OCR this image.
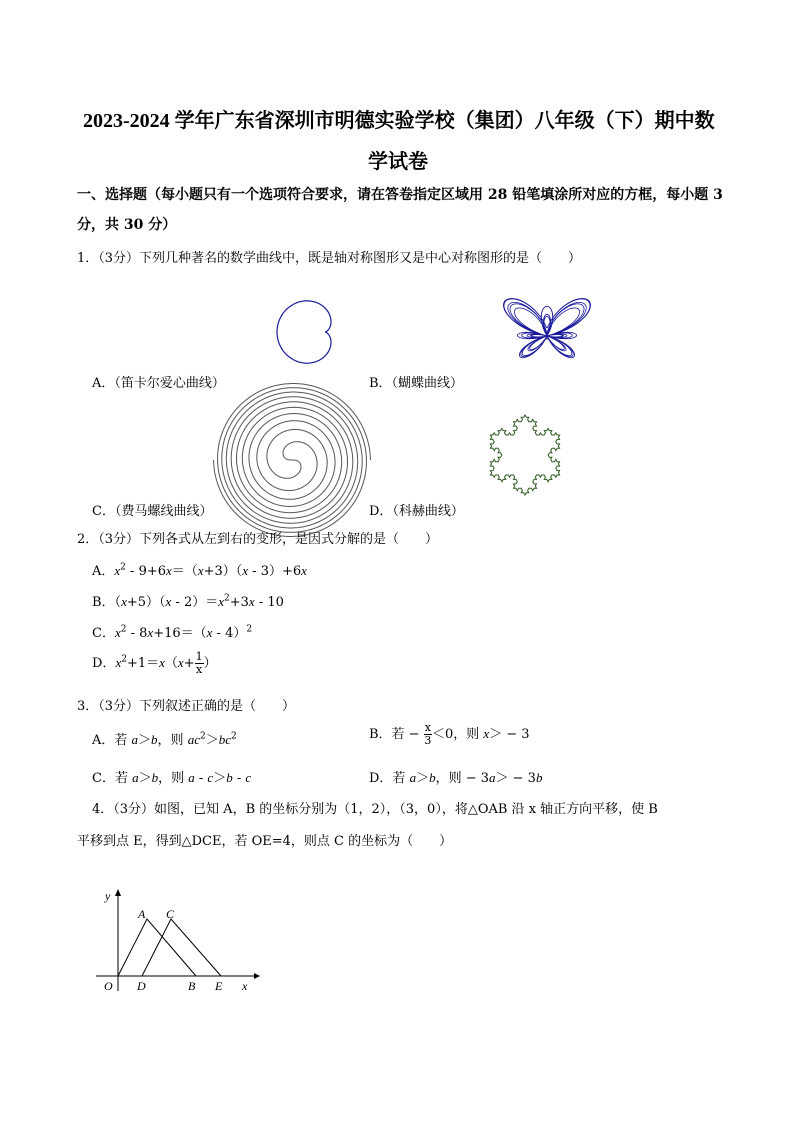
2023-2024 学年广东省深圳市明德实验学校（集团）八年级（下）期中数
学试卷
一、选择题（每小题只有一个选项符合要求，请在答卷指定区域用 28 铅笔填涂所对应的方框，每小题 3
分，共 30 分）
1．（3分）下列几种著名的数学曲线中，既是轴对称图形又是中心对称图形的是（　　）
A．（笛卡尔爱心曲线）	B．（蝴蝶曲线）
C．（费马螺线曲线）	D．（科赫曲线）
2．（3分）下列各式从左到右的变形，是因式分解的是（　　）
A．$x^2 - 9+6x=(x+3)(x - 3)+6x$
B．$(x+5)(x - 2)=x^2+3x - 10$
C．$x^2 - 8x+16=(x - 4)^2$
D．$x^2+1=x(x+ \frac{1}{x}$ ）
3．（3分）下列叙述正确的是（　　）
A．若 a＞b，则 $ac^2>bc^2$	B．若 − $\frac{x}{3} <0$，则 x＞ − 3
C．若 a＞b，则 a - c＞b - c	D．若 a＞b，则 − 3a＞ − 3b
4．（3分）如图，已知 A，B 的坐标分别为（1，2），（3，0），将△OAB 沿 x 轴正方向平移，使 B
平移到点 E，得到△DCE，若 OE=4，则点 C 的坐标为（　　）
y
x
O
A C
D	B E
